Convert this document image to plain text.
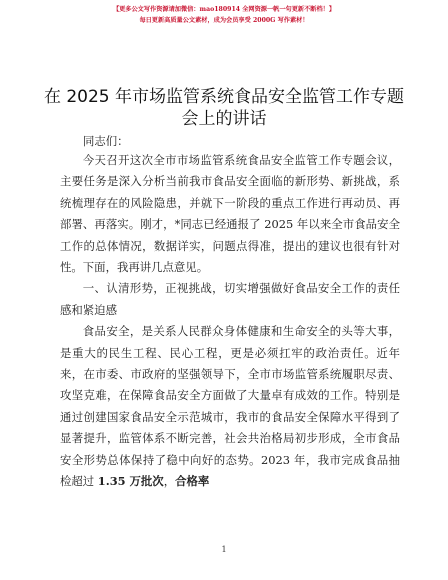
【更多公文写作资源请加微信：mao180914 全网资源一帆一句更新不断档！】
每日更新高质量公文素材，成为会员享受 2000G 写作素材！
在 2025 年市场监管系统食品安全监管工作专题
会上的讲话
同志们：

今天召开这次全市市场监管系统食品安全监管工作专题会议，主要任务是深入分析当前我市食品安全面临的新形势、新挑战，系统梳理存在的风险隐患，并就下一阶段的重点工作进行再动员、再部署、再落实。刚才，*同志已经通报了 2025 年以来全市食品安全工作的总体情况，数据详实，问题点得准，提出的建议也很有针对性。下面，我再讲几点意见。

一、认清形势，正视挑战，切实增强做好食品安全工作的责任感和紧迫感

食品安全，是关系人民群众身体健康和生命安全的头等大事，是重大的民生工程、民心工程，更是必须扛牢的政治责任。近年来，在市委、市政府的坚强领导下，全市市场监管系统履职尽责、攻坚克难，在保障食品安全方面做了大量卓有成效的工作。特别是通过创建国家食品安全示范城市，我市的食品安全保障水平得到了显著提升，监管体系不断完善，社会共治格局初步形成，全市食品安全形势总体保持了稳中向好的态势。2023 年，我市完成食品抽检超过 1.35 万批次，合格率

1
